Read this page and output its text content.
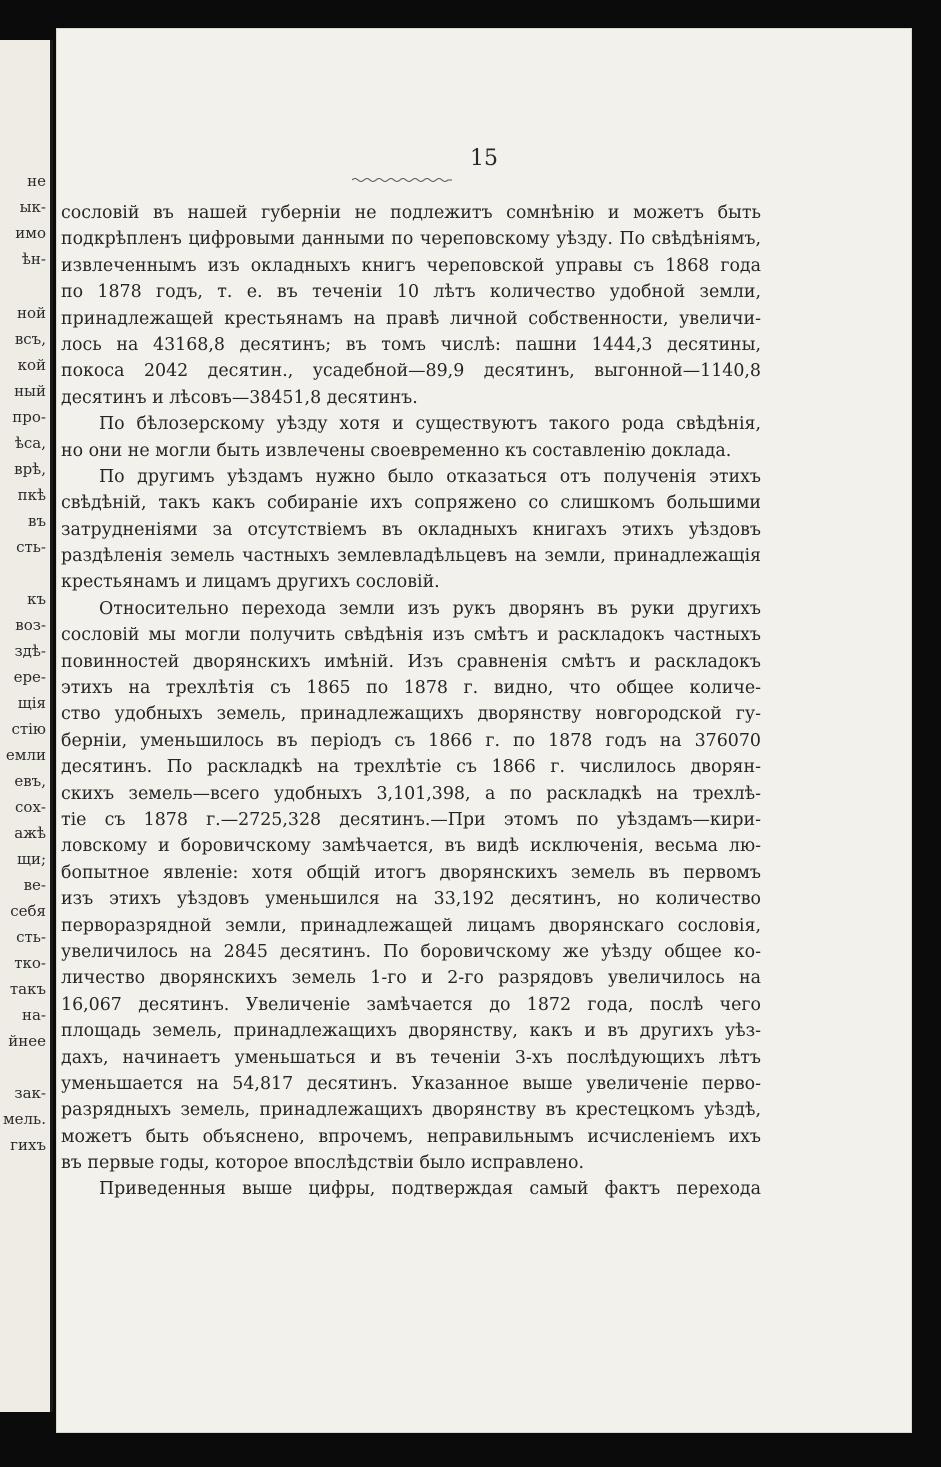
не
ык-
имо
ѣн-
ной
всъ,
кой
ный
про-
ѣса,
врѣ,
пкѣ
въ
сть-
къ
воз-
здѣ-
ере-
щія
стію
емли
евъ,
сох-
ажѣ
щи;
ве-
себя
сть-
тко-
такъ
на-
йнее
зак-
мель.
гихъ
15
сословій въ нашей губерніи не подлежитъ сомнѣнію и можетъ быть
подкрѣпленъ цифровыми данными по череповскому уѣзду. По свѣдѣніямъ,
извлеченнымъ изъ окладныхъ книгъ череповской управы съ 1868 года
по 1878 годъ, т. е. въ теченіи 10 лѣтъ количество удобной земли,
принадлежащей крестьянамъ на правѣ личной собственности, увеличи-
лось на 43168,8 десятинъ; въ томъ числѣ: пашни 1444,3 десятины,
покоса 2042 десятин., усадебной—89,9 десятинъ, выгонной—1140,8
десятинъ и лѣсовъ—38451,8 десятинъ.
По бѣлозерскому уѣзду хотя и существуютъ такого рода свѣдѣнія,
но они не могли быть извлечены своевременно къ составленію доклада.
По другимъ уѣздамъ нужно было отказаться отъ полученія этихъ
свѣдѣній, такъ какъ собираніе ихъ сопряжено со слишкомъ большими
затрудненіями за отсутствіемъ въ окладныхъ книгахъ этихъ уѣздовъ
раздѣленія земель частныхъ землевладѣльцевъ на земли, принадлежащія
крестьянамъ и лицамъ другихъ сословій.
Относительно перехода земли изъ рукъ дворянъ въ руки другихъ
сословій мы могли получить свѣдѣнія изъ смѣтъ и раскладокъ частныхъ
повинностей дворянскихъ имѣній. Изъ сравненія смѣтъ и раскладокъ
этихъ на трехлѣтія съ 1865 по 1878 г. видно, что общее количе-
ство удобныхъ земель, принадлежащихъ дворянству новгородской гу-
берніи, уменьшилось въ періодъ съ 1866 г. по 1878 годъ на 376070
десятинъ. По раскладкѣ на трехлѣтіе съ 1866 г. числилось дворян-
скихъ земель—всего удобныхъ 3,101,398, а по раскладкѣ на трехлѣ-
тіе съ 1878 г.—2725,328 десятинъ.—При этомъ по уѣздамъ—кири-
ловскому и боровичскому замѣчается, въ видѣ исключенія, весьма лю-
бопытное явленіе: хотя общій итогъ дворянскихъ земель въ первомъ
изъ этихъ уѣздовъ уменьшился на 33,192 десятинъ, но количество
перворазрядной земли, принадлежащей лицамъ дворянскаго сословія,
увеличилось на 2845 десятинъ. По боровичскому же уѣзду общее ко-
личество дворянскихъ земель 1-го и 2-го разрядовъ увеличилось на
16,067 десятинъ. Увеличеніе замѣчается до 1872 года, послѣ чего
площадь земель, принадлежащихъ дворянству, какъ и въ другихъ уѣз-
дахъ, начинаетъ уменьшаться и въ теченіи 3-хъ послѣдующихъ лѣтъ
уменьшается на 54,817 десятинъ. Указанное выше увеличеніе перво-
разрядныхъ земель, принадлежащихъ дворянству въ крестецкомъ уѣздѣ,
можетъ быть объяснено, впрочемъ, неправильнымъ исчисленіемъ ихъ
въ первые годы, которое впослѣдствіи было исправлено.
Приведенныя выше цифры, подтверждая самый фактъ перехода
